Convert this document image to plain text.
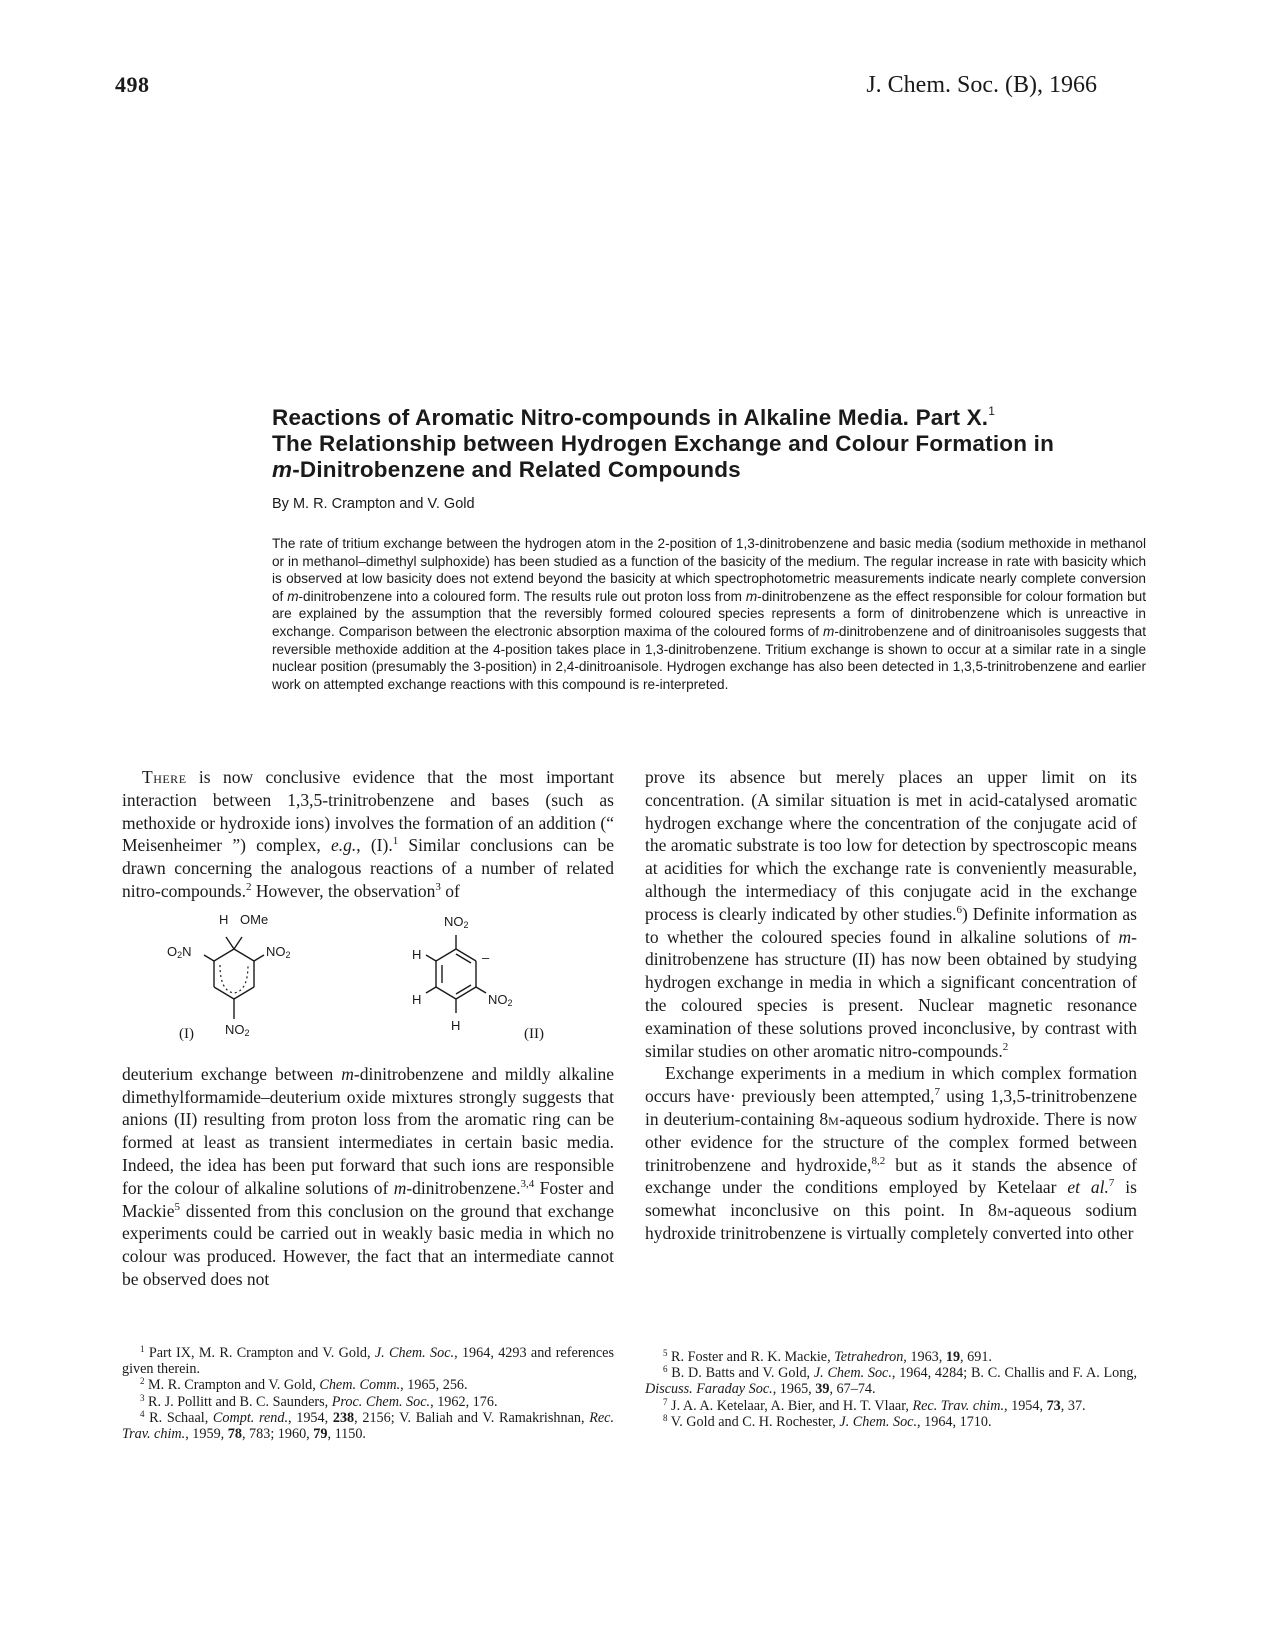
498	J. Chem. Soc. (B), 1966
Reactions of Aromatic Nitro-compounds in Alkaline Media. Part X.$^1$
The Relationship between Hydrogen Exchange and Colour Formation in
m-Dinitrobenzene and Related Compounds
By M. R. Crampton and V. Gold

The rate of tritium exchange between the hydrogen atom in the 2-position of 1,3-dinitrobenzene and basic media (sodium methoxide in methanol or in methanol–dimethyl sulphoxide) has been studied as a function of the basicity of the medium. The regular increase in rate with basicity which is observed at low basicity does not extend beyond the basicity at which spectrophotometric measurements indicate nearly complete conversion of m-dinitrobenzene into a coloured form. The results rule out proton loss from m-dinitrobenzene as the effect responsible for colour formation but are explained by the assumption that the reversibly formed coloured species represents a form of dinitrobenzene which is unreactive in exchange. Comparison between the electronic absorption maxima of the coloured forms of m-dinitrobenzene and of dinitroanisoles suggests that reversible methoxide addition at the 4-position takes place in 1,3-dinitrobenzene. Tritium exchange is shown to occur at a similar rate in a single nuclear position (presumably the 3-position) in 2,4-dinitroanisole. Hydrogen exchange has also been detected in 1,3,5-trinitrobenzene and earlier work on attempted exchange reactions with this compound is re-interpreted.

There is now conclusive evidence that the most important interaction between 1,3,5-trinitrobenzene and bases (such as methoxide or hydroxide ions) involves the formation of an addition (“ Meisenheimer ”) complex, e.g., (I).$^1$ Similar conclusions can be drawn concerning the analogous reactions of a number of related nitro-compounds.$^2$ However, the observation$^3$ of

H OMe
$O_2N$	$NO_2$
$NO_2$
(I)
$NO_2$
H	–
H	$NO_2$
H
(II)

deuterium exchange between m-dinitrobenzene and mildly alkaline dimethylformamide–deuterium oxide mixtures strongly suggests that anions (II) resulting from proton loss from the aromatic ring can be formed at least as transient intermediates in certain basic media. Indeed, the idea has been put forward that such ions are responsible for the colour of alkaline solutions of m-dinitrobenzene.$^{3,4}$ Foster and Mackie$^5$ dissented from this conclusion on the ground that exchange experiments could be carried out in weakly basic media in which no colour was produced. However, the fact that an intermediate cannot be observed does not

prove its absence but merely places an upper limit on its concentration. (A similar situation is met in acid-catalysed aromatic hydrogen exchange where the concentration of the conjugate acid of the aromatic substrate is too low for detection by spectroscopic means at acidities for which the exchange rate is conveniently measurable, although the intermediacy of this conjugate acid in the exchange process is clearly indicated by other studies.$^6$) Definite information as to whether the coloured species found in alkaline solutions of m-dinitrobenzene has structure (II) has now been obtained by studying hydrogen exchange in media in which a significant concentration of the coloured species is present. Nuclear magnetic resonance examination of these solutions proved inconclusive, by contrast with similar studies on other aromatic nitro-compounds.$^2$

Exchange experiments in a medium in which complex formation occurs have· previously been attempted,$^7$ using 1,3,5-trinitrobenzene in deuterium-containing 8m-aqueous sodium hydroxide. There is now other evidence for the structure of the complex formed between trinitrobenzene and hydroxide,$^{8,2}$ but as it stands the absence of exchange under the conditions employed by Ketelaar et al.$^7$ is somewhat inconclusive on this point. In 8m-aqueous sodium hydroxide trinitrobenzene is virtually completely converted into other

$^1$ Part IX, M. R. Crampton and V. Gold, J. Chem. Soc., 1964, 4293 and references given therein.

$^2$ M. R. Crampton and V. Gold, Chem. Comm., 1965, 256.

$^3$ R. J. Pollitt and B. C. Saunders, Proc. Chem. Soc., 1962, 176.

$^4$ R. Schaal, Compt. rend., 1954, 238, 2156; V. Baliah and V. Ramakrishnan, Rec. Trav. chim., 1959, 78, 783; 1960, 79, 1150.

$^5$ R. Foster and R. K. Mackie, Tetrahedron, 1963, 19, 691.

$^6$ B. D. Batts and V. Gold, J. Chem. Soc., 1964, 4284; B. C. Challis and F. A. Long, Discuss. Faraday Soc., 1965, 39, 67–74.

$^7$ J. A. A. Ketelaar, A. Bier, and H. T. Vlaar, Rec. Trav. chim., 1954, 73, 37.

$^8$ V. Gold and C. H. Rochester, J. Chem. Soc., 1964, 1710.
